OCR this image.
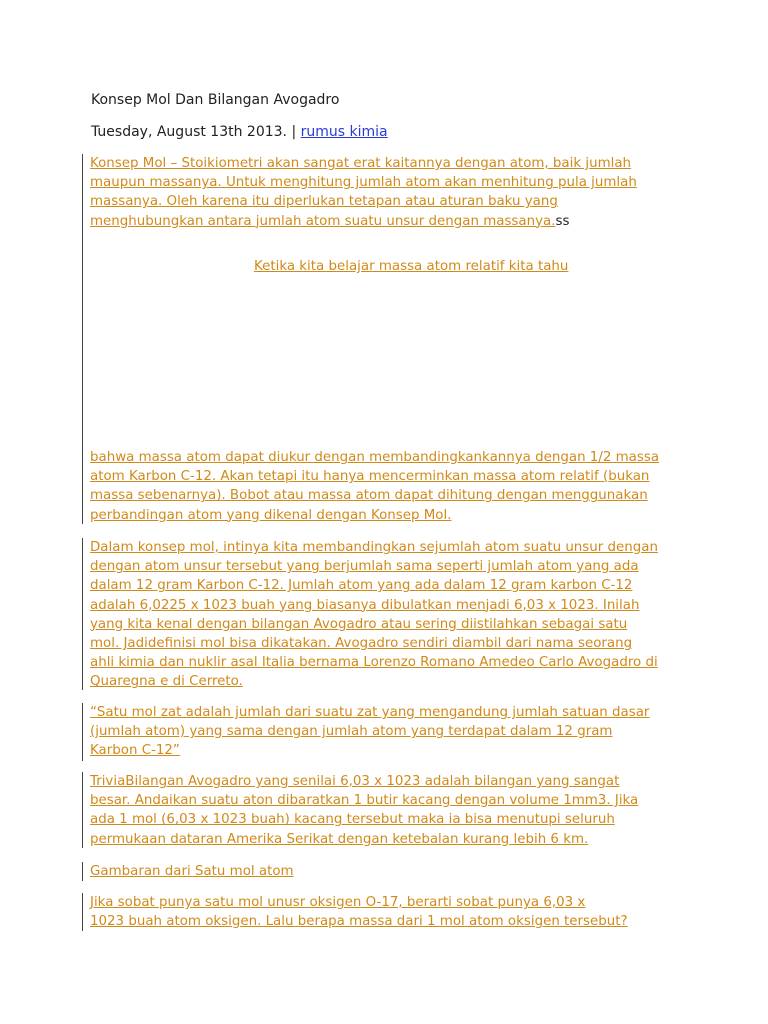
Konsep Mol Dan Bilangan Avogadro
Tuesday, August 13th 2013. | rumus kimia

Konsep Mol – Stoikiometri akan sangat erat kaitannya dengan atom, baik jumlah
maupun massanya. Untuk menghitung jumlah atom akan menhitung pula jumlah
massanya. Oleh karena itu diperlukan tetapan atau aturan baku yang
menghubungkan antara jumlah atom suatu unsur dengan massanya.ss

bahwa massa atom dapat diukur dengan membandingkankannya dengan 1/2 massa
atom Karbon C-12. Akan tetapi itu hanya mencerminkan massa atom relatif (bukan
massa sebenarnya). Bobot atau massa atom dapat dihitung dengan menggunakan
perbandingan atom yang dikenal dengan Konsep Mol.

Ketika kita belajar massa atom relatif kita tahu

Dalam konsep mol, intinya kita membandingkan sejumlah atom suatu unsur dengan
dengan atom unsur tersebut yang berjumlah sama seperti jumlah atom yang ada
dalam 12 gram Karbon C-12. Jumlah atom yang ada dalam 12 gram karbon C-12
adalah 6,0225 x 1023 buah yang biasanya dibulatkan menjadi 6,03 x 1023. Inilah
yang kita kenal dengan bilangan Avogadro atau sering diistilahkan sebagai satu
mol. Jadidefinisi mol bisa dikatakan. Avogadro sendiri diambil dari nama seorang
ahli kimia dan nuklir asal Italia bernama Lorenzo Romano Amedeo Carlo Avogadro di
Quaregna e di Cerreto.

“Satu mol zat adalah jumlah dari suatu zat yang mengandung jumlah satuan dasar
(jumlah atom) yang sama dengan jumlah atom yang terdapat dalam 12 gram
Karbon C-12”

TriviaBilangan Avogadro yang senilai 6,03 x 1023 adalah bilangan yang sangat
besar. Andaikan suatu aton dibaratkan 1 butir kacang dengan volume 1mm3. Jika
ada 1 mol (6,03 x 1023 buah) kacang tersebut maka ia bisa menutupi seluruh
permukaan dataran Amerika Serikat dengan ketebalan kurang lebih 6 km.

Gambaran dari Satu mol atom

Jika sobat punya satu mol unusr oksigen O-17, berarti sobat punya 6,03 x
1023 buah atom oksigen. Lalu berapa massa dari 1 mol atom oksigen tersebut?
